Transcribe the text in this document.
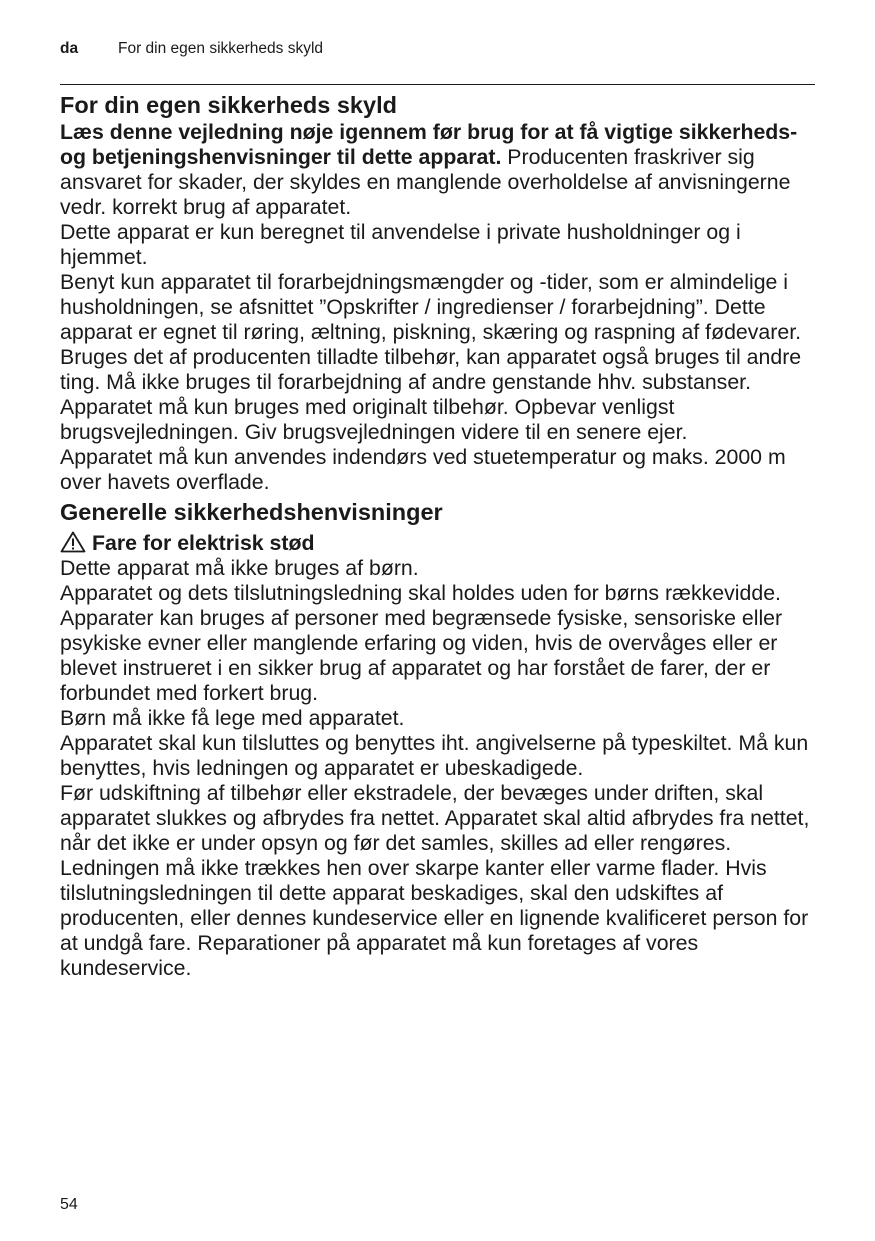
da	For din egen sikkerheds skyld
For din egen sikkerheds skyld

Læs denne vejledning nøje igennem før brug for at få vigtige sikkerheds- og betjeningshenvisninger til dette apparat. Producenten fraskriver sig ansvaret for skader, der skyldes en manglende overholdelse af anvisningerne vedr. korrekt brug af apparatet.

Dette apparat er kun beregnet til anvendelse i private husholdninger og i hjemmet.

Benyt kun apparatet til forarbejdningsmængder og -tider, som er almindelige i husholdningen, se afsnittet ”Opskrifter / ingredienser / forarbejdning”. Dette apparat er egnet til røring, æltning, piskning, skæring og raspning af fødevarer. Bruges det af producenten tilladte tilbehør, kan apparatet også bruges til andre ting. Må ikke bruges til forarbejdning af andre genstande hhv. substanser. Apparatet må kun bruges med originalt tilbehør. Opbevar venligst brugsvejledningen. Giv brugsvejledningen videre til en senere ejer.

Apparatet må kun anvendes indendørs ved stuetemperatur og maks. 2000 m over havets overflade.

Generelle sikkerhedshenvisninger
Fare for elektrisk stød

Dette apparat må ikke bruges af børn.

Apparatet og dets tilslutningsledning skal holdes uden for børns rækkevidde.

Apparater kan bruges af personer med begrænsede fysiske, sensoriske eller psykiske evner eller manglende erfaring og viden, hvis de overvåges eller er blevet instrueret i en sikker brug af apparatet og har forstået de farer, der er forbundet med forkert brug.

Børn må ikke få lege med apparatet.

Apparatet skal kun tilsluttes og benyttes iht. angivelserne på typeskiltet. Må kun benyttes, hvis ledningen og apparatet er ubeskadigede.

Før udskiftning af tilbehør eller ekstradele, der bevæges under driften, skal apparatet slukkes og afbrydes fra nettet. Apparatet skal altid afbrydes fra nettet, når det ikke er under opsyn og før det samles, skilles ad eller rengøres.

Ledningen må ikke trækkes hen over skarpe kanter eller varme flader. Hvis tilslutningsledningen til dette apparat beskadiges, skal den udskiftes af producenten, eller dennes kundeservice eller en lignende kvalificeret person for at undgå fare. Reparationer på apparatet må kun foretages af vores kundeservice.

54
